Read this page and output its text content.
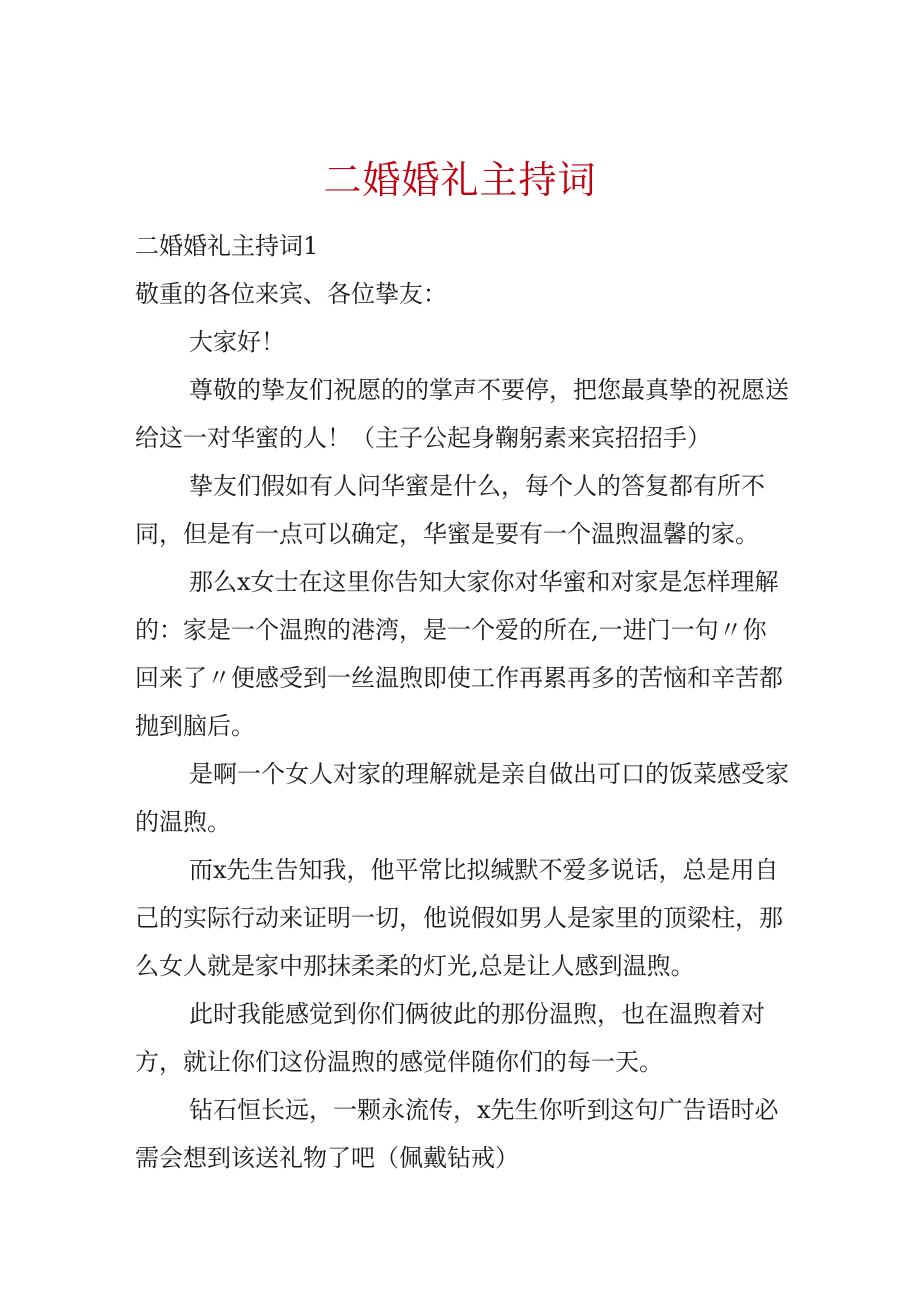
二婚婚礼主持词

二婚婚礼主持词1

敬重的各位来宾、各位挚友：

大家好！

尊敬的挚友们祝愿的的掌声不要停，把您最真挚的祝愿送给这一对华蜜的人！（主子公起身鞠躬素来宾招招手）

挚友们假如有人问华蜜是什么，每个人的答复都有所不同，但是有一点可以确定，华蜜是要有一个温煦温馨的家。

那么x女士在这里你告知大家你对华蜜和对家是怎样理解的：家是一个温煦的港湾，是一个爱的所在,一进门一句〃你回来了〃便感受到一丝温煦即使工作再累再多的苦恼和辛苦都抛到脑后。

是啊一个女人对家的理解就是亲自做出可口的饭菜感受家的温煦。

而x先生告知我，他平常比拟缄默不爱多说话，总是用自己的实际行动来证明一切，他说假如男人是家里的顶梁柱，那么女人就是家中那抹柔柔的灯光,总是让人感到温煦。

此时我能感觉到你们俩彼此的那份温煦，也在温煦着对方，就让你们这份温煦的感觉伴随你们的每一天。

钻石恒长远，一颗永流传，x先生你听到这句广告语时必需会想到该送礼物了吧（佩戴钻戒）
